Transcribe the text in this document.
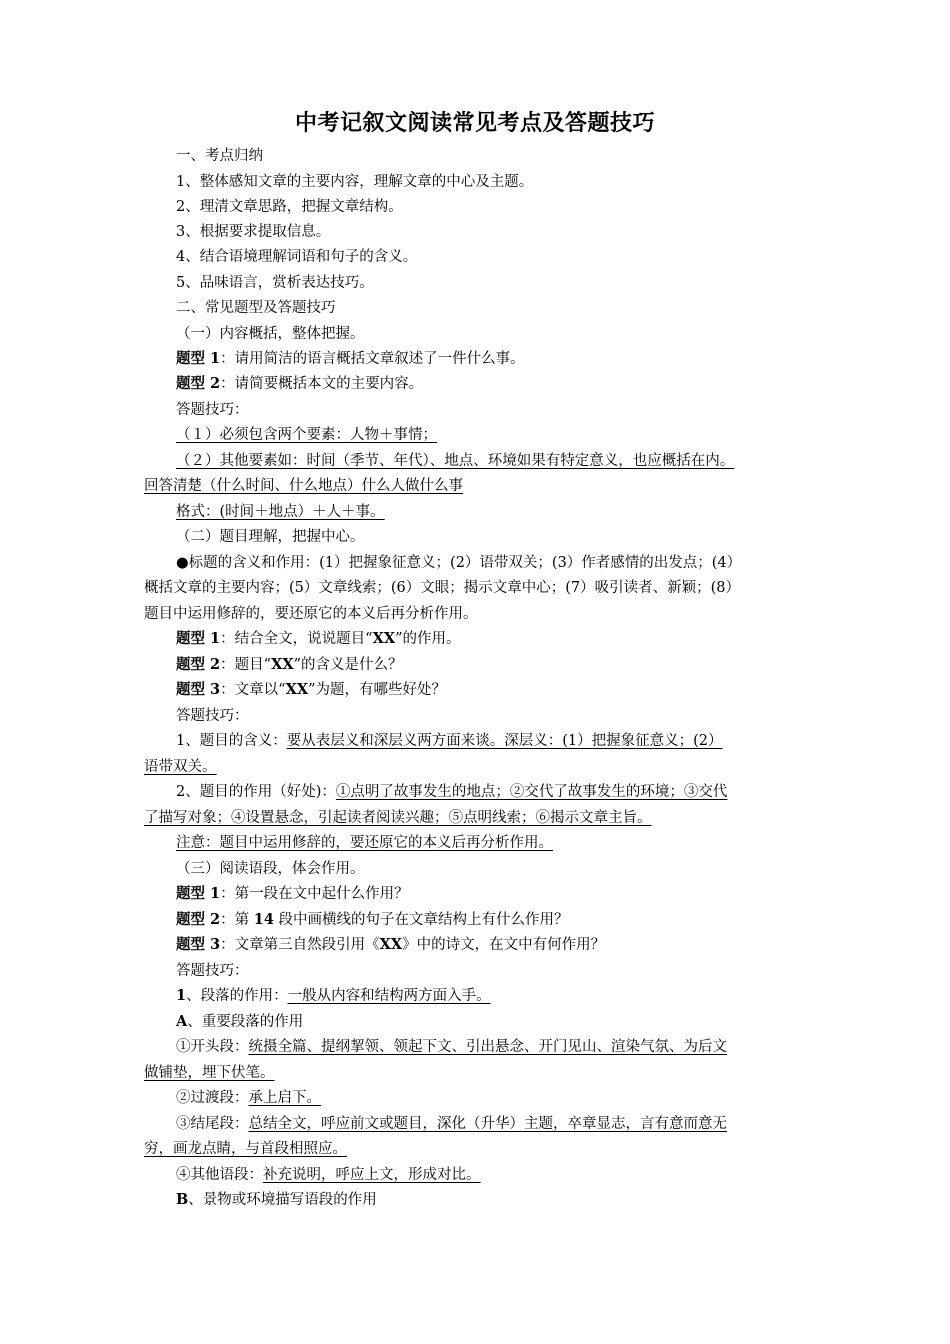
中考记叙文阅读常见考点及答题技巧
一、考点归纳
1、整体感知文章的主要内容，理解文章的中心及主题。
2、理清文章思路，把握文章结构。
3、根据要求提取信息。
4、结合语境理解词语和句子的含义。
5、品味语言，赏析表达技巧。
二、常见题型及答题技巧
（一）内容概括，整体把握。
题型 1：请用简洁的语言概括文章叙述了一件什么事。
题型 2：请简要概括本文的主要内容。
答题技巧：
（１）必须包含两个要素：人物＋事情；
（２）其他要素如：时间（季节、年代）、地点、环境如果有特定意义，也应概括在内。
回答清楚（什么时间、什么地点）什么人做什么事
格式：(时间＋地点）＋人＋事。
（二）题目理解，把握中心。
●标题的含义和作用：(1）把握象征意义；(2）语带双关；(3）作者感情的出发点；(4）
概括文章的主要内容；(5）文章线索；(6）文眼；揭示文章中心；(7）吸引读者、新颖；(8）
题目中运用修辞的，要还原它的本义后再分析作用。
题型 1：结合全文，说说题目“XX”的作用。
题型 2：题目“XX”的含义是什么？
题型 3：文章以“XX”为题，有哪些好处？
答题技巧：
1、题目的含义：要从表层义和深层义两方面来谈。深层义：(1）把握象征意义；(2）
语带双关。
2、题目的作用（好处)：①点明了故事发生的地点；②交代了故事发生的环境；③交代
了描写对象；④设置悬念，引起读者阅读兴趣；⑤点明线索；⑥揭示文章主旨。
注意：题目中运用修辞的，要还原它的本义后再分析作用。
（三）阅读语段，体会作用。
题型 1：第一段在文中起什么作用？
题型 2：第 14 段中画横线的句子在文章结构上有什么作用？
题型 3：文章第三自然段引用《XX》中的诗文，在文中有何作用？
答题技巧：
1、段落的作用：一般从内容和结构两方面入手。
A、重要段落的作用
①开头段：统摄全篇、提纲挈领、领起下文、引出悬念、开门见山、渲染气氛、为后文
做铺垫，埋下伏笔。
②过渡段：承上启下。
③结尾段：总结全文，呼应前文或题目，深化（升华）主题，卒章显志，言有意而意无
穷，画龙点睛，与首段相照应。
④其他语段：补充说明，呼应上文，形成对比。
B、景物或环境描写语段的作用
